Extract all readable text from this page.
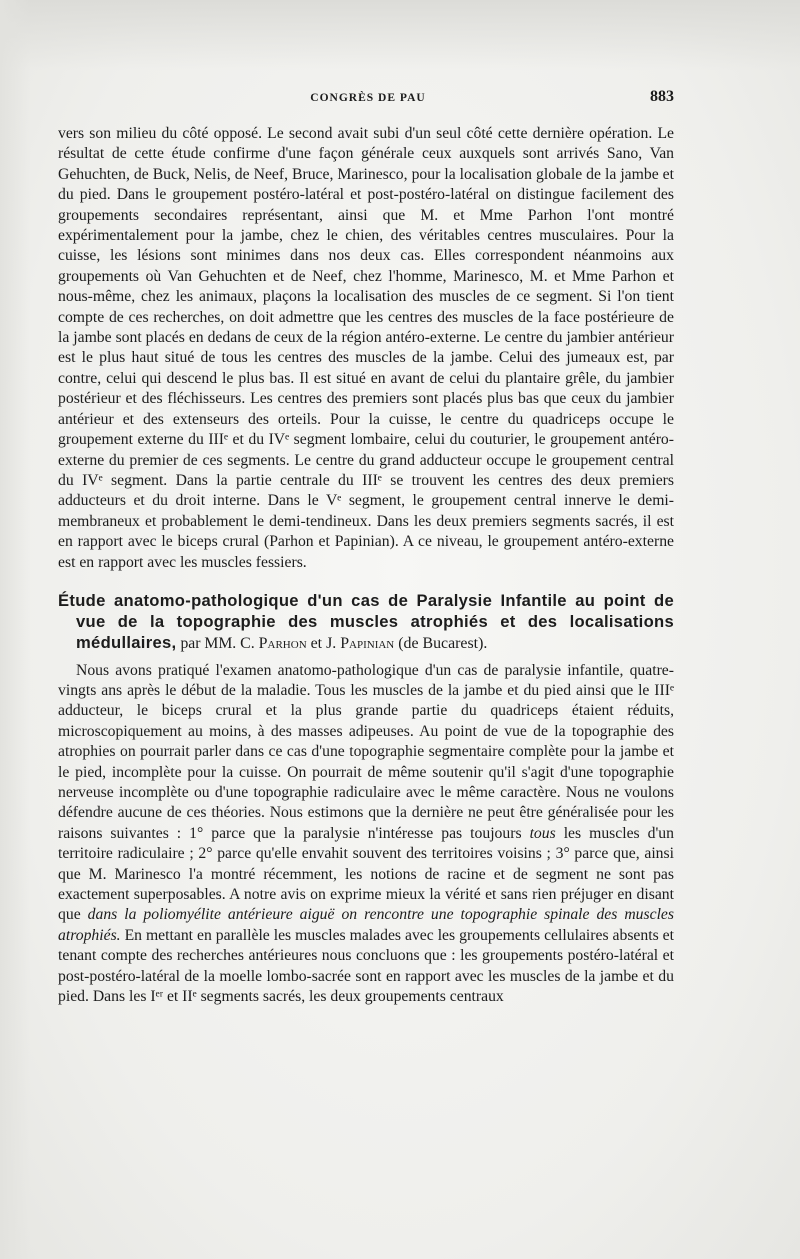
CONGRÈS DE PAU	883

vers son milieu du côté opposé. Le second avait subi d'un seul côté cette dernière opération. Le résultat de cette étude confirme d'une façon générale ceux auxquels sont arrivés Sano, Van Gehuchten, de Buck, Nelis, de Neef, Bruce, Marinesco, pour la localisation globale de la jambe et du pied. Dans le groupement postéro-latéral et post-postéro-latéral on distingue facilement des groupements secondaires représentant, ainsi que M. et Mme Parhon l'ont montré expérimentalement pour la jambe, chez le chien, des véritables centres musculaires. Pour la cuisse, les lésions sont minimes dans nos deux cas. Elles correspondent néanmoins aux groupements où Van Gehuchten et de Neef, chez l'homme, Marinesco, M. et Mme Parhon et nous-même, chez les animaux, plaçons la localisation des muscles de ce segment. Si l'on tient compte de ces recherches, on doit admettre que les centres des muscles de la face postérieure de la jambe sont placés en dedans de ceux de la région antéro-externe. Le centre du jambier antérieur est le plus haut situé de tous les centres des muscles de la jambe. Celui des jumeaux est, par contre, celui qui descend le plus bas. Il est situé en avant de celui du plantaire grêle, du jambier postérieur et des fléchisseurs. Les centres des premiers sont placés plus bas que ceux du jambier antérieur et des extenseurs des orteils. Pour la cuisse, le centre du quadriceps occupe le groupement externe du IIIᵉ et du IVᵉ segment lombaire, celui du couturier, le groupement antéro-externe du premier de ces segments. Le centre du grand adducteur occupe le groupement central du IVᵉ segment. Dans la partie centrale du IIIᵉ se trouvent les centres des deux premiers adducteurs et du droit interne. Dans le Vᵉ segment, le groupement central innerve le demi-membraneux et probablement le demi-tendineux. Dans les deux premiers segments sacrés, il est en rapport avec le biceps crural (Parhon et Papinian). A ce niveau, le groupement antéro-externe est en rapport avec les muscles fessiers.

Étude anatomo-pathologique d'un cas de Paralysie Infantile au point de vue de la topographie des muscles atrophiés et des localisations médullaires, par MM. C. Parhon et J. Papinian (de Bucarest).

Nous avons pratiqué l'examen anatomo-pathologique d'un cas de paralysie infantile, quatre-vingts ans après le début de la maladie. Tous les muscles de la jambe et du pied ainsi que le IIIᵉ adducteur, le biceps crural et la plus grande partie du quadriceps étaient réduits, microscopiquement au moins, à des masses adipeuses. Au point de vue de la topographie des atrophies on pourrait parler dans ce cas d'une topographie segmentaire complète pour la jambe et le pied, incomplète pour la cuisse. On pourrait de même soutenir qu'il s'agit d'une topographie nerveuse incomplète ou d'une topographie radiculaire avec le même caractère. Nous ne voulons défendre aucune de ces théories. Nous estimons que la dernière ne peut être généralisée pour les raisons suivantes : 1° parce que la paralysie n'intéresse pas toujours tous les muscles d'un territoire radiculaire ; 2° parce qu'elle envahit souvent des territoires voisins ; 3° parce que, ainsi que M. Marinesco l'a montré récemment, les notions de racine et de segment ne sont pas exactement superposables. A notre avis on exprime mieux la vérité et sans rien préjuger en disant que dans la poliomyélite antérieure aiguë on rencontre une topographie spinale des muscles atrophiés. En mettant en parallèle les muscles malades avec les groupements cellulaires absents et tenant compte des recherches antérieures nous concluons que : les groupements postéro-latéral et post-postéro-latéral de la moelle lombo-sacrée sont en rapport avec les muscles de la jambe et du pied. Dans les Iᵉʳ et IIᵉ segments sacrés, les deux groupements centraux
